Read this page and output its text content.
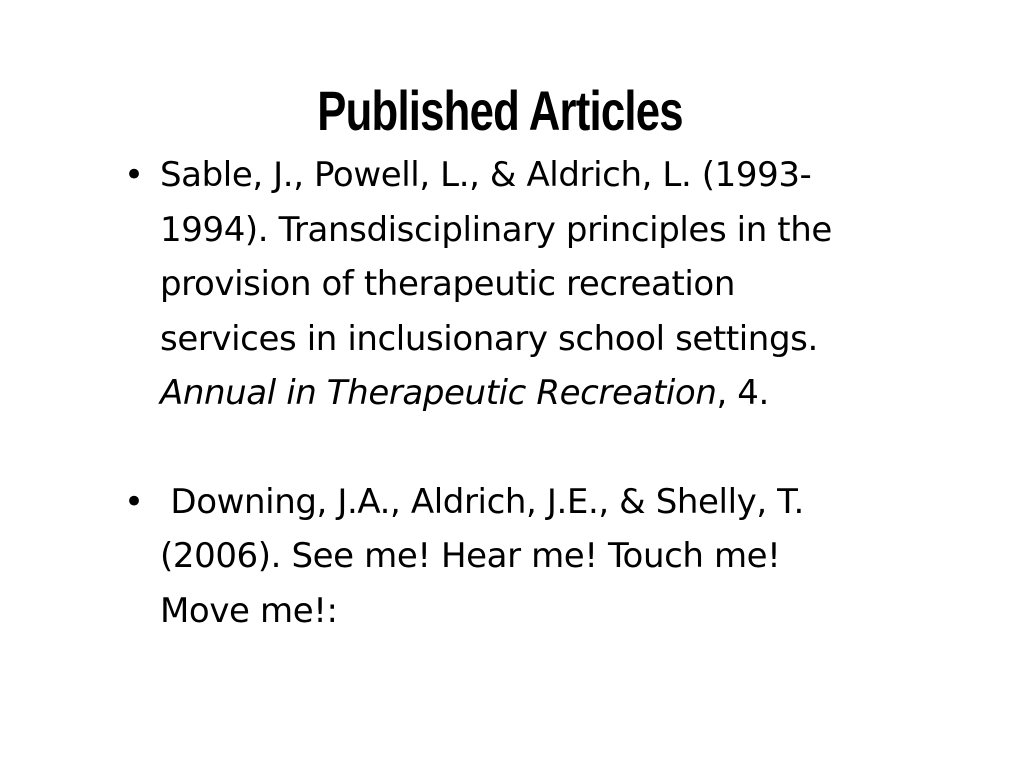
Published Articles
• Sable, J., Powell, L., & Aldrich, L. (1993-1994). Transdisciplinary principles in the provision of therapeutic recreation services in inclusionary school settings. Annual in Therapeutic Recreation, 4.
• Downing, J.A., Aldrich, J.E., & Shelly, T. (2006). See me! Hear me! Touch me! Move me!:
